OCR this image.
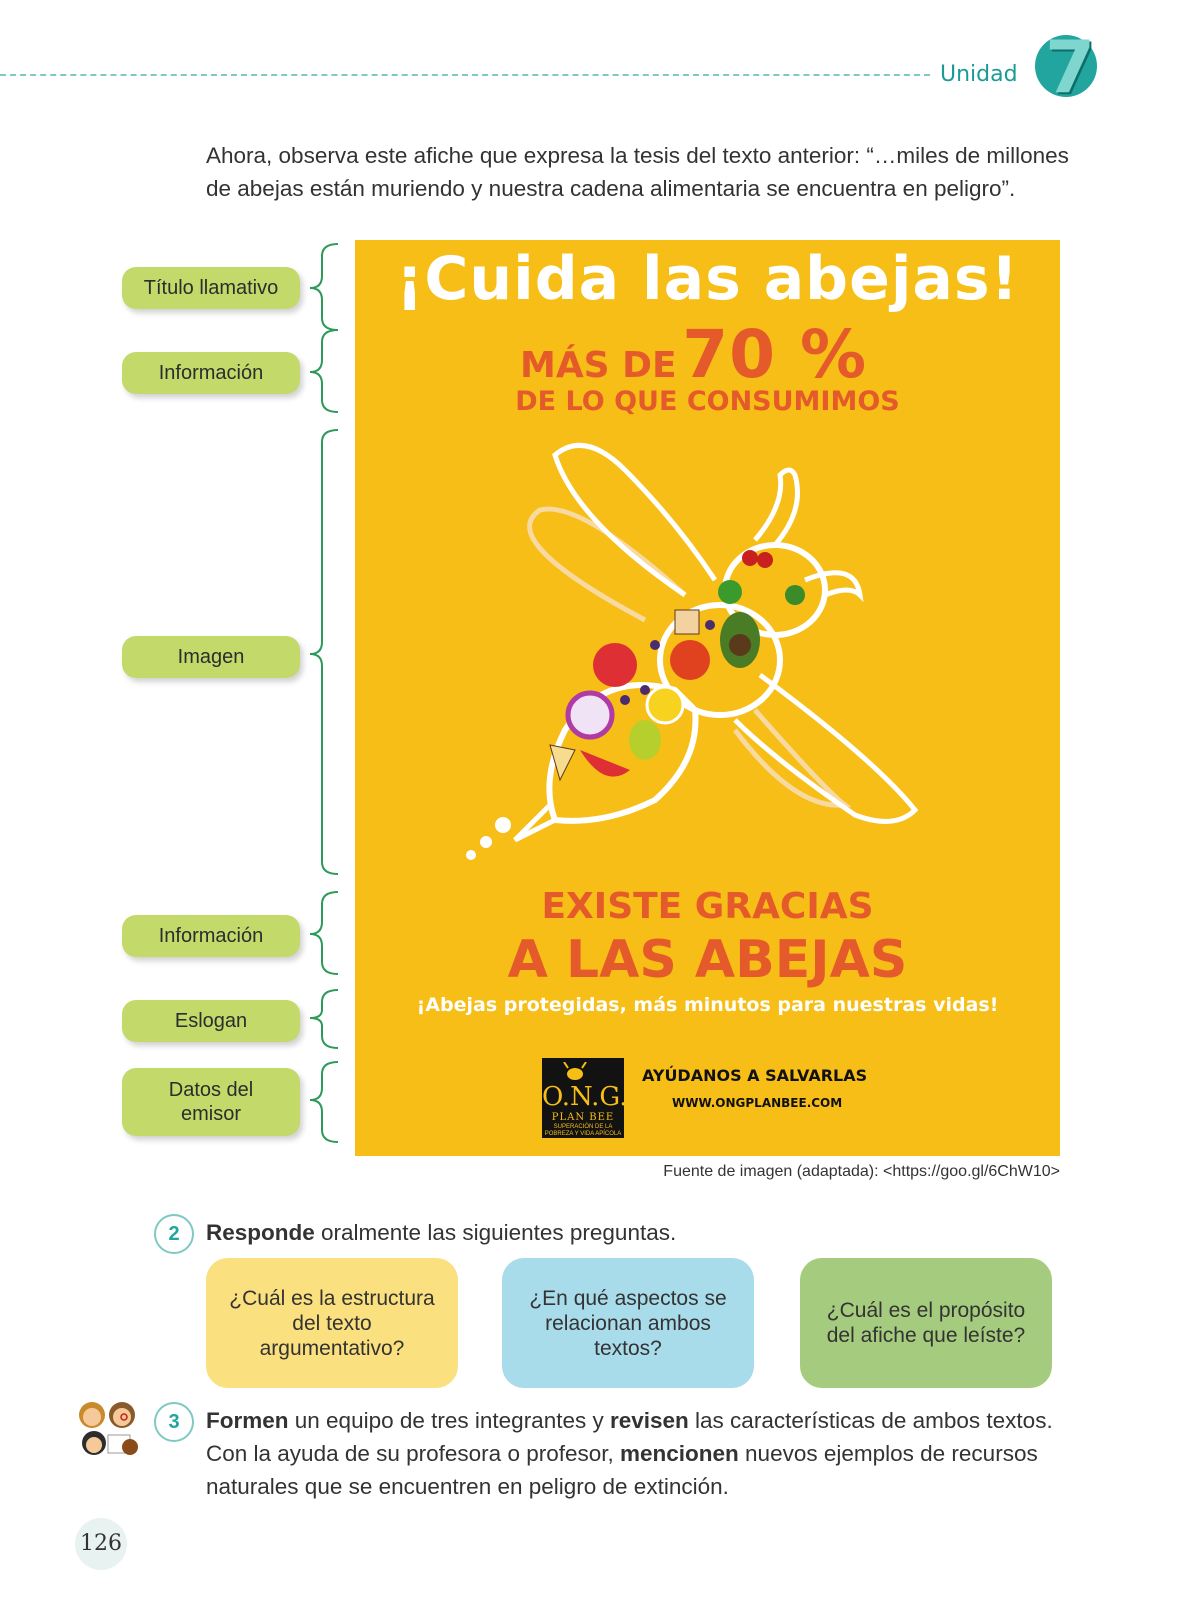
Unidad 7
Ahora, observa este afiche que expresa la tesis del texto anterior: “…miles de millones de abejas están muriendo y nuestra cadena alimentaria se encuentra en peligro”.
Título llamativo
Información
Imagen
Información
Eslogan
Datos del emisor
¡Cuida las abejas!
MÁS DE 70 %
DE LO QUE CONSUMIMOS
EXISTE GRACIAS
A LAS ABEJAS
¡Abejas protegidas, más minutos para nuestras vidas!
O.N.G.
PLAN BEE
SUPERACIÓN DE LA POBREZA Y VIDA APÍCOLA
AYÚDANOS A SALVARLAS
WWW.ONGPLANBEE.COM
Fuente de imagen (adaptada): <https://goo.gl/6ChW10>
2	Responde oralmente las siguientes preguntas.
¿Cuál es la estructura del texto argumentativo?
¿En qué aspectos se relacionan ambos textos?
¿Cuál es el propósito del afiche que leíste?
3	Formen un equipo de tres integrantes y revisen las características de ambos textos. Con la ayuda de su profesora o profesor, mencionen nuevos ejemplos de recursos naturales que se encuentren en peligro de extinción.
126
